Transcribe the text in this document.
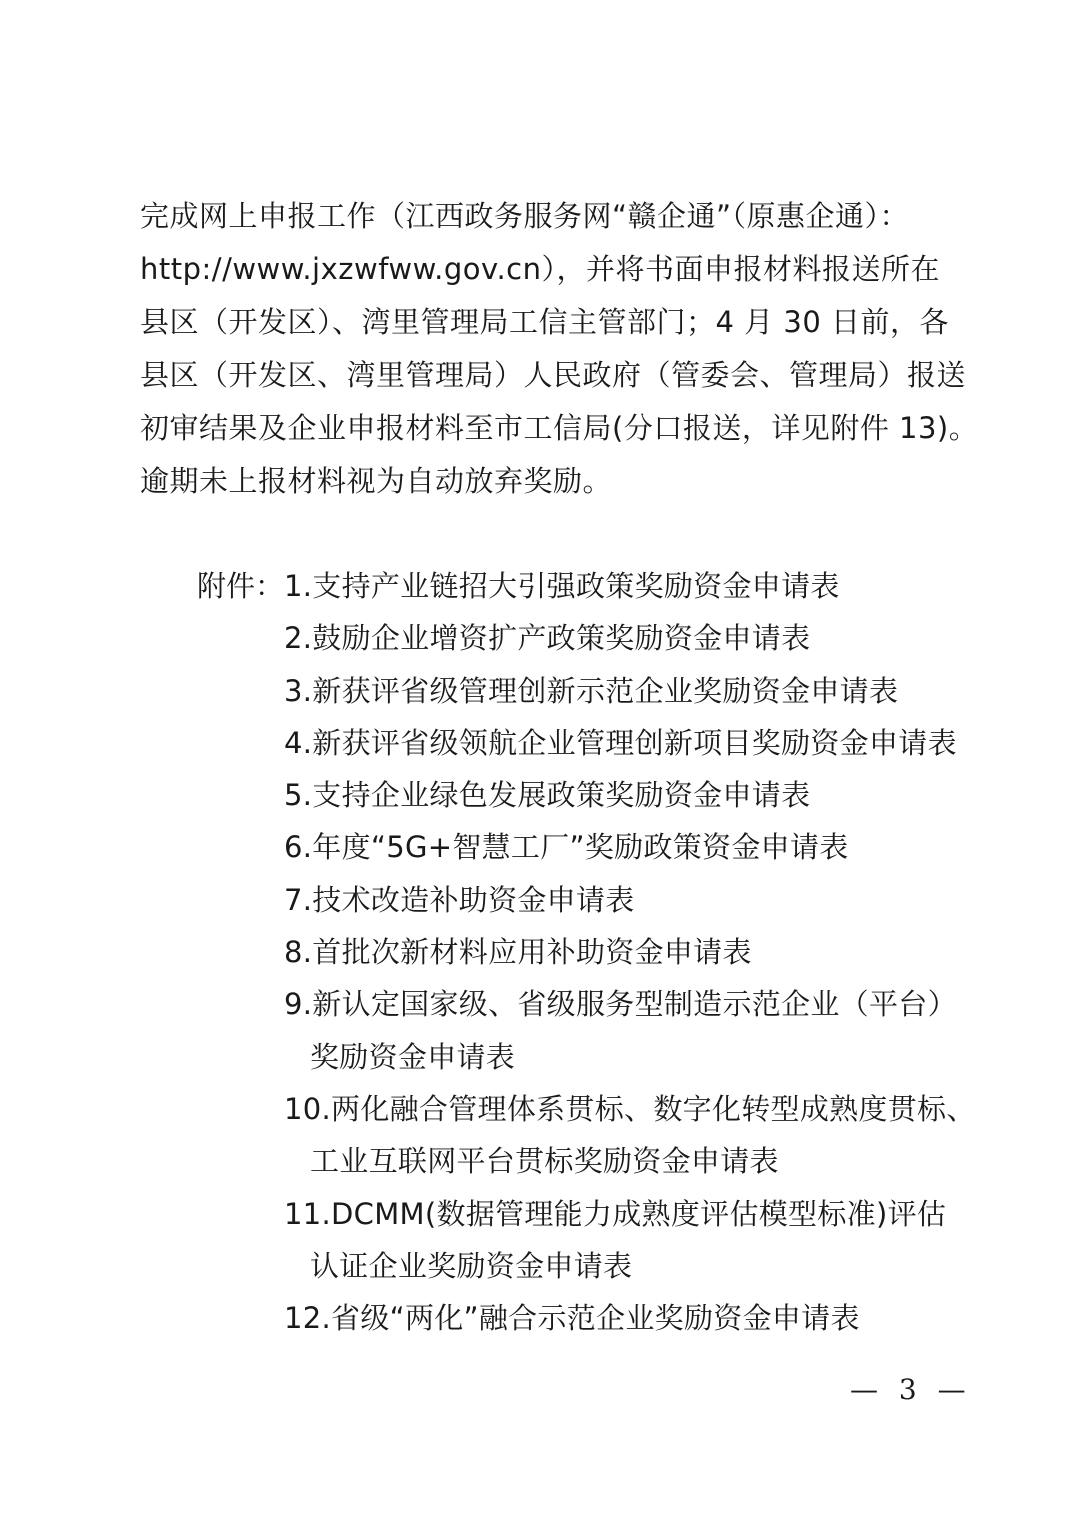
完成网上申报工作（江西政务服务网“赣企通”（原惠企通）：
http://www.jxzwfww.gov.cn），并将书面申报材料报送所在
县区（开发区）、湾里管理局工信主管部门；4 月 30 日前，各
县区（开发区、湾里管理局）人民政府（管委会、管理局）报送
初审结果及企业申报材料至市工信局(分口报送，详见附件 13)。
逾期未上报材料视为自动放弃奖励。
附件： 1.支持产业链招大引强政策奖励资金申请表
2.鼓励企业增资扩产政策奖励资金申请表
3.新获评省级管理创新示范企业奖励资金申请表
4.新获评省级领航企业管理创新项目奖励资金申请表
5.支持企业绿色发展政策奖励资金申请表
6.年度“5G+智慧工厂”奖励政策资金申请表
7.技术改造补助资金申请表
8.首批次新材料应用补助资金申请表
9.新认定国家级、省级服务型制造示范企业（平台）
奖励资金申请表
10.两化融合管理体系贯标、数字化转型成熟度贯标、
工业互联网平台贯标奖励资金申请表
11.DCMM(数据管理能力成熟度评估模型标准)评估
认证企业奖励资金申请表
12.省级“两化”融合示范企业奖励资金申请表
— 3 —
